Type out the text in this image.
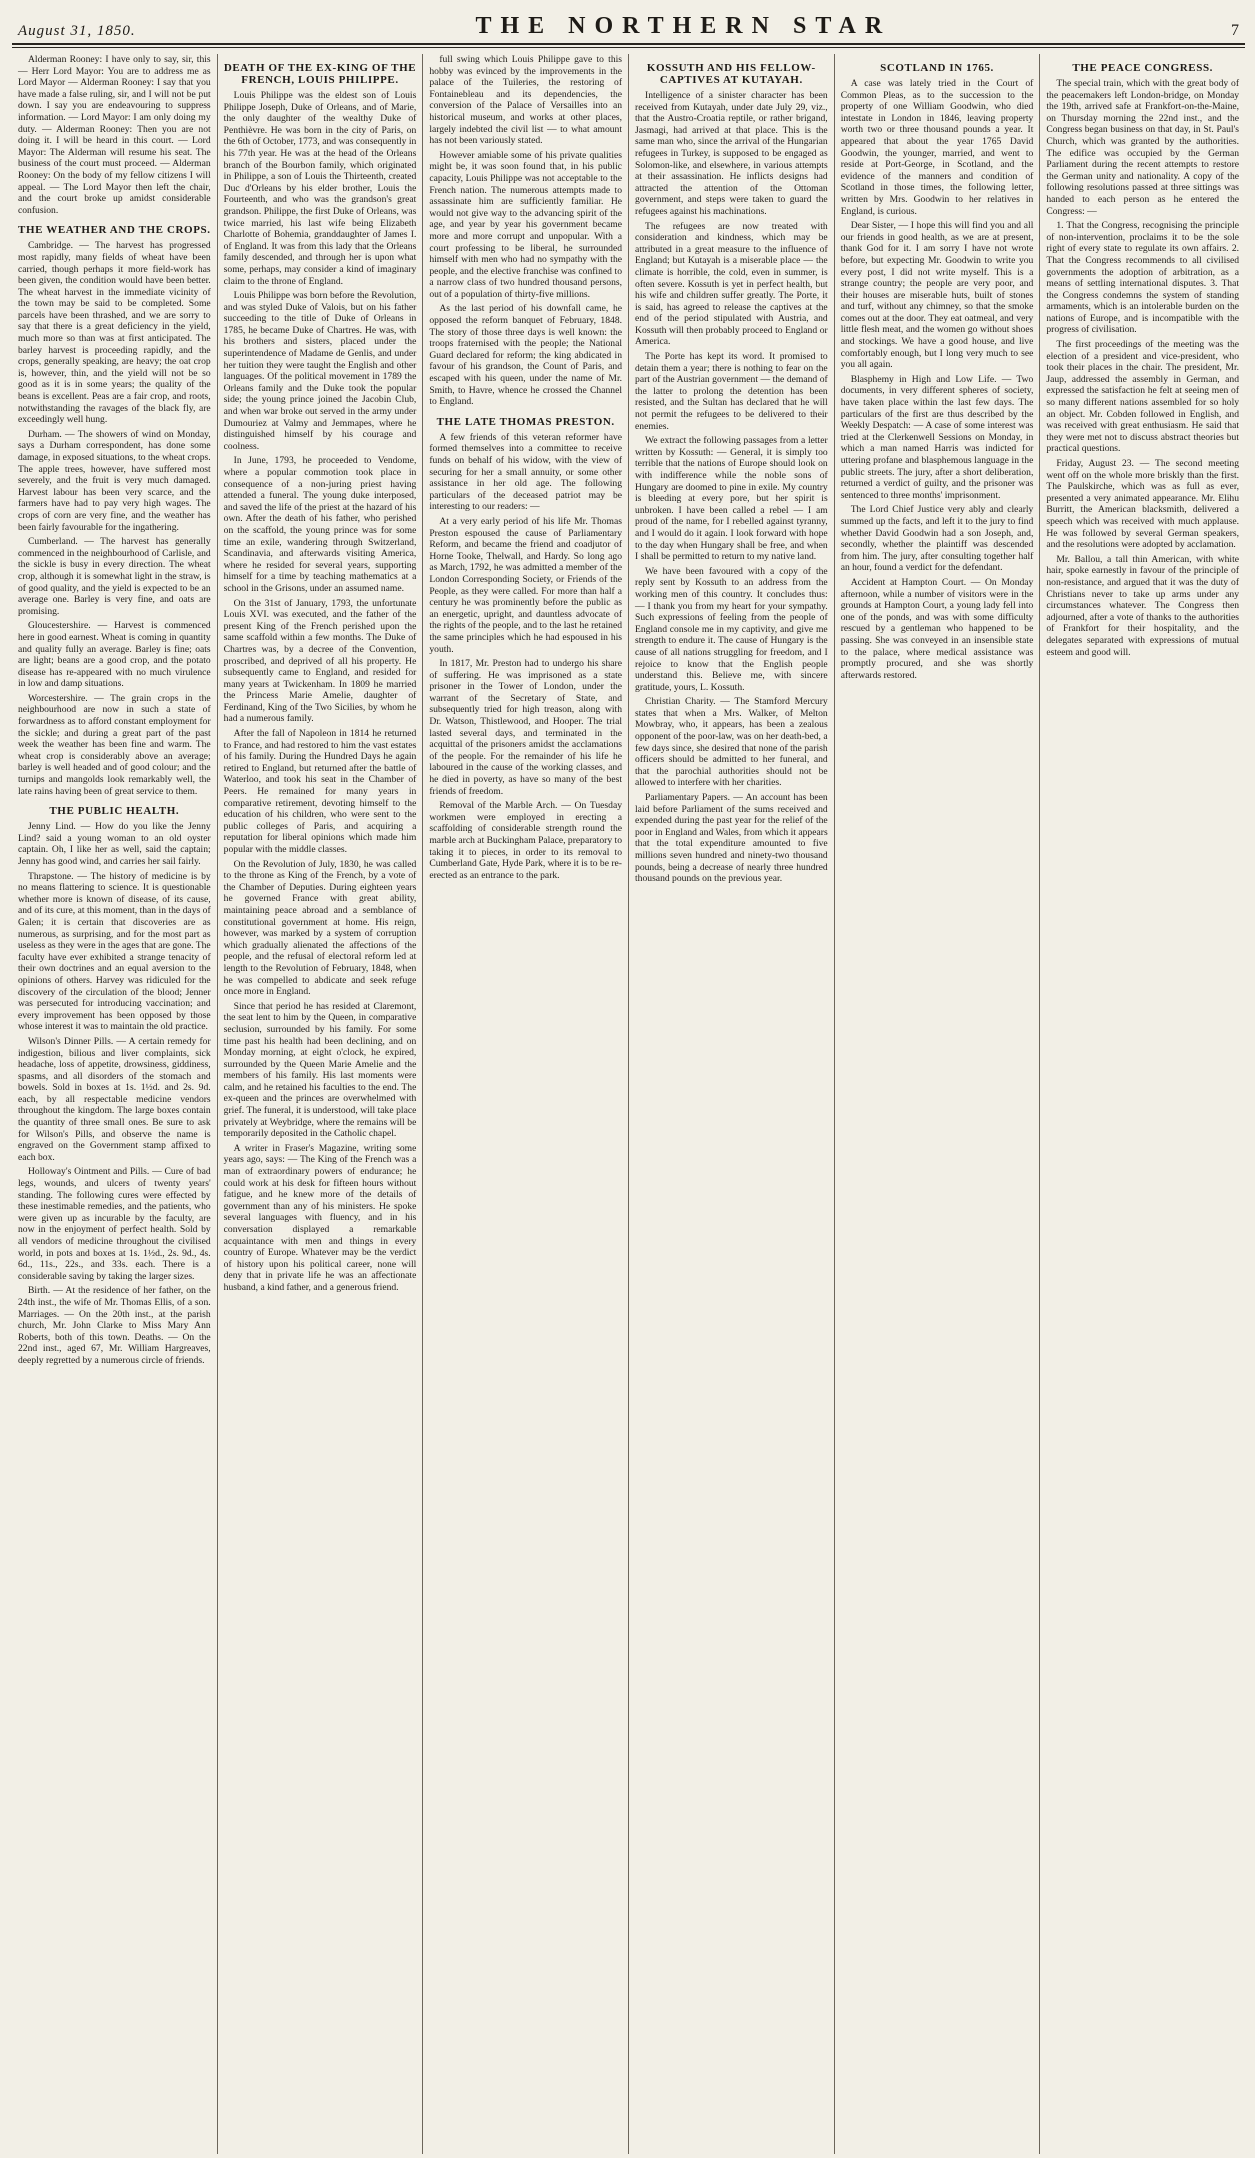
August 31, 1850.	THE NORTHERN STAR	7

Alderman Rooney: I have only to say, sir, this — Herr Lord Mayor: You are to address me as Lord Mayor — Alderman Rooney: I say that you have made a false ruling, sir, and I will not be put down. I say you are endeavouring to suppress information. — Lord Mayor: I am only doing my duty. — Alderman Rooney: Then you are not doing it. I will be heard in this court. — Lord Mayor: The Alderman will resume his seat. The business of the court must proceed. — Alderman Rooney: On the body of my fellow citizens I will appeal. — The Lord Mayor then left the chair, and the court broke up amidst considerable confusion.

THE WEATHER AND THE CROPS.

Cambridge. — The harvest has progressed most rapidly, many fields of wheat have been carried, though perhaps it more field-work has been given, the condition would have been better. The wheat harvest in the immediate vicinity of the town may be said to be completed. Some parcels have been thrashed, and we are sorry to say that there is a great deficiency in the yield, much more so than was at first anticipated. The barley harvest is proceeding rapidly, and the crops, generally speaking, are heavy; the oat crop is, however, thin, and the yield will not be so good as it is in some years; the quality of the beans is excellent. Peas are a fair crop, and roots, notwithstanding the ravages of the black fly, are exceedingly well hung.

Durham. — The showers of wind on Monday, says a Durham correspondent, has done some damage, in exposed situations, to the wheat crops. The apple trees, however, have suffered most severely, and the fruit is very much damaged. Harvest labour has been very scarce, and the farmers have had to pay very high wages. The crops of corn are very fine, and the weather has been fairly favourable for the ingathering.

Cumberland. — The harvest has generally commenced in the neighbourhood of Carlisle, and the sickle is busy in every direction. The wheat crop, although it is somewhat light in the straw, is of good quality, and the yield is expected to be an average one. Barley is very fine, and oats are promising.

Gloucestershire. — Harvest is commenced here in good earnest. Wheat is coming in quantity and quality fully an average. Barley is fine; oats are light; beans are a good crop, and the potato disease has re-appeared with no much virulence in low and damp situations.

Worcestershire. — The grain crops in the neighbourhood are now in such a state of forwardness as to afford constant employment for the sickle; and during a great part of the past week the weather has been fine and warm. The wheat crop is considerably above an average; barley is well headed and of good colour; and the turnips and mangolds look remarkably well, the late rains having been of great service to them.

THE PUBLIC HEALTH.

Jenny Lind. — How do you like the Jenny Lind? said a young woman to an old oyster captain. Oh, I like her as well, said the captain; Jenny has good wind, and carries her sail fairly.

Thrapstone. — The history of medicine is by no means flattering to science. It is questionable whether more is known of disease, of its cause, and of its cure, at this moment, than in the days of Galen; it is certain that discoveries are as numerous, as surprising, and for the most part as useless as they were in the ages that are gone. The faculty have ever exhibited a strange tenacity of their own doctrines and an equal aversion to the opinions of others. Harvey was ridiculed for the discovery of the circulation of the blood; Jenner was persecuted for introducing vaccination; and every improvement has been opposed by those whose interest it was to maintain the old practice.

Wilson's Dinner Pills. — A certain remedy for indigestion, bilious and liver complaints, sick headache, loss of appetite, drowsiness, giddiness, spasms, and all disorders of the stomach and bowels. Sold in boxes at 1s. 1½d. and 2s. 9d. each, by all respectable medicine vendors throughout the kingdom. The large boxes contain the quantity of three small ones. Be sure to ask for Wilson's Pills, and observe the name is engraved on the Government stamp affixed to each box.

Holloway's Ointment and Pills. — Cure of bad legs, wounds, and ulcers of twenty years' standing. The following cures were effected by these inestimable remedies, and the patients, who were given up as incurable by the faculty, are now in the enjoyment of perfect health. Sold by all vendors of medicine throughout the civilised world, in pots and boxes at 1s. 1½d., 2s. 9d., 4s. 6d., 11s., 22s., and 33s. each. There is a considerable saving by taking the larger sizes.

Birth. — At the residence of her father, on the 24th inst., the wife of Mr. Thomas Ellis, of a son. Marriages. — On the 20th inst., at the parish church, Mr. John Clarke to Miss Mary Ann Roberts, both of this town. Deaths. — On the 22nd inst., aged 67, Mr. William Hargreaves, deeply regretted by a numerous circle of friends.

DEATH OF THE EX-KING OF THE FRENCH, LOUIS PHILIPPE.

Louis Philippe was the eldest son of Louis Philippe Joseph, Duke of Orleans, and of Marie, the only daughter of the wealthy Duke of Penthièvre. He was born in the city of Paris, on the 6th of October, 1773, and was consequently in his 77th year. He was at the head of the Orleans branch of the Bourbon family, which originated in Philippe, a son of Louis the Thirteenth, created Duc d'Orleans by his elder brother, Louis the Fourteenth, and who was the grandson's great grandson. Philippe, the first Duke of Orleans, was twice married, his last wife being Elizabeth Charlotte of Bohemia, granddaughter of James I. of England. It was from this lady that the Orleans family descended, and through her is upon what some, perhaps, may consider a kind of imaginary claim to the throne of England.

Louis Philippe was born before the Revolution, and was styled Duke of Valois, but on his father succeeding to the title of Duke of Orleans in 1785, he became Duke of Chartres. He was, with his brothers and sisters, placed under the superintendence of Madame de Genlis, and under her tuition they were taught the English and other languages. Of the political movement in 1789 the Orleans family and the Duke took the popular side; the young prince joined the Jacobin Club, and when war broke out served in the army under Dumouriez at Valmy and Jemmapes, where he distinguished himself by his courage and coolness.

In June, 1793, he proceeded to Vendome, where a popular commotion took place in consequence of a non-juring priest having attended a funeral. The young duke interposed, and saved the life of the priest at the hazard of his own. After the death of his father, who perished on the scaffold, the young prince was for some time an exile, wandering through Switzerland, Scandinavia, and afterwards visiting America, where he resided for several years, supporting himself for a time by teaching mathematics at a school in the Grisons, under an assumed name.

On the 31st of January, 1793, the unfortunate Louis XVI. was executed, and the father of the present King of the French perished upon the same scaffold within a few months. The Duke of Chartres was, by a decree of the Convention, proscribed, and deprived of all his property. He subsequently came to England, and resided for many years at Twickenham. In 1809 he married the Princess Marie Amelie, daughter of Ferdinand, King of the Two Sicilies, by whom he had a numerous family.

After the fall of Napoleon in 1814 he returned to France, and had restored to him the vast estates of his family. During the Hundred Days he again retired to England, but returned after the battle of Waterloo, and took his seat in the Chamber of Peers. He remained for many years in comparative retirement, devoting himself to the education of his children, who were sent to the public colleges of Paris, and acquiring a reputation for liberal opinions which made him popular with the middle classes.

On the Revolution of July, 1830, he was called to the throne as King of the French, by a vote of the Chamber of Deputies. During eighteen years he governed France with great ability, maintaining peace abroad and a semblance of constitutional government at home. His reign, however, was marked by a system of corruption which gradually alienated the affections of the people, and the refusal of electoral reform led at length to the Revolution of February, 1848, when he was compelled to abdicate and seek refuge once more in England.

Since that period he has resided at Claremont, the seat lent to him by the Queen, in comparative seclusion, surrounded by his family. For some time past his health had been declining, and on Monday morning, at eight o'clock, he expired, surrounded by the Queen Marie Amelie and the members of his family. His last moments were calm, and he retained his faculties to the end. The ex-queen and the princes are overwhelmed with grief. The funeral, it is understood, will take place privately at Weybridge, where the remains will be temporarily deposited in the Catholic chapel.

A writer in Fraser's Magazine, writing some years ago, says: — The King of the French was a man of extraordinary powers of endurance; he could work at his desk for fifteen hours without fatigue, and he knew more of the details of government than any of his ministers. He spoke several languages with fluency, and in his conversation displayed a remarkable acquaintance with men and things in every country of Europe. Whatever may be the verdict of history upon his political career, none will deny that in private life he was an affectionate husband, a kind father, and a generous friend.

full swing which Louis Philippe gave to this hobby was evinced by the improvements in the palace of the Tuileries, the restoring of Fontainebleau and its dependencies, the conversion of the Palace of Versailles into an historical museum, and works at other places, largely indebted the civil list — to what amount has not been variously stated.

However amiable some of his private qualities might be, it was soon found that, in his public capacity, Louis Philippe was not acceptable to the French nation. The numerous attempts made to assassinate him are sufficiently familiar. He would not give way to the advancing spirit of the age, and year by year his government became more and more corrupt and unpopular. With a court professing to be liberal, he surrounded himself with men who had no sympathy with the people, and the elective franchise was confined to a narrow class of two hundred thousand persons, out of a population of thirty-five millions.

As the last period of his downfall came, he opposed the reform banquet of February, 1848. The story of those three days is well known: the troops fraternised with the people; the National Guard declared for reform; the king abdicated in favour of his grandson, the Count of Paris, and escaped with his queen, under the name of Mr. Smith, to Havre, whence he crossed the Channel to England.

THE LATE THOMAS PRESTON.

A few friends of this veteran reformer have formed themselves into a committee to receive funds on behalf of his widow, with the view of securing for her a small annuity, or some other assistance in her old age. The following particulars of the deceased patriot may be interesting to our readers: —

At a very early period of his life Mr. Thomas Preston espoused the cause of Parliamentary Reform, and became the friend and coadjutor of Horne Tooke, Thelwall, and Hardy. So long ago as March, 1792, he was admitted a member of the London Corresponding Society, or Friends of the People, as they were called. For more than half a century he was prominently before the public as an energetic, upright, and dauntless advocate of the rights of the people, and to the last he retained the same principles which he had espoused in his youth.

In 1817, Mr. Preston had to undergo his share of suffering. He was imprisoned as a state prisoner in the Tower of London, under the warrant of the Secretary of State, and subsequently tried for high treason, along with Dr. Watson, Thistlewood, and Hooper. The trial lasted several days, and terminated in the acquittal of the prisoners amidst the acclamations of the people. For the remainder of his life he laboured in the cause of the working classes, and he died in poverty, as have so many of the best friends of freedom.

Removal of the Marble Arch. — On Tuesday workmen were employed in erecting a scaffolding of considerable strength round the marble arch at Buckingham Palace, preparatory to taking it to pieces, in order to its removal to Cumberland Gate, Hyde Park, where it is to be re-erected as an entrance to the park.

KOSSUTH AND HIS FELLOW-CAPTIVES AT KUTAYAH.

Intelligence of a sinister character has been received from Kutayah, under date July 29, viz., that the Austro-Croatia reptile, or rather brigand, Jasmagi, had arrived at that place. This is the same man who, since the arrival of the Hungarian refugees in Turkey, is supposed to be engaged as Solomon-like, and elsewhere, in various attempts at their assassination. He inflicts designs had attracted the attention of the Ottoman government, and steps were taken to guard the refugees against his machinations.

The refugees are now treated with consideration and kindness, which may be attributed in a great measure to the influence of England; but Kutayah is a miserable place — the climate is horrible, the cold, even in summer, is often severe. Kossuth is yet in perfect health, but his wife and children suffer greatly. The Porte, it is said, has agreed to release the captives at the end of the period stipulated with Austria, and Kossuth will then probably proceed to England or America.

The Porte has kept its word. It promised to detain them a year; there is nothing to fear on the part of the Austrian government — the demand of the latter to prolong the detention has been resisted, and the Sultan has declared that he will not permit the refugees to be delivered to their enemies.

We extract the following passages from a letter written by Kossuth: — General, it is simply too terrible that the nations of Europe should look on with indifference while the noble sons of Hungary are doomed to pine in exile. My country is bleeding at every pore, but her spirit is unbroken. I have been called a rebel — I am proud of the name, for I rebelled against tyranny, and I would do it again. I look forward with hope to the day when Hungary shall be free, and when I shall be permitted to return to my native land.

We have been favoured with a copy of the reply sent by Kossuth to an address from the working men of this country. It concludes thus: — I thank you from my heart for your sympathy. Such expressions of feeling from the people of England console me in my captivity, and give me strength to endure it. The cause of Hungary is the cause of all nations struggling for freedom, and I rejoice to know that the English people understand this. Believe me, with sincere gratitude, yours, L. Kossuth.

Christian Charity. — The Stamford Mercury states that when a Mrs. Walker, of Melton Mowbray, who, it appears, has been a zealous opponent of the poor-law, was on her death-bed, a few days since, she desired that none of the parish officers should be admitted to her funeral, and that the parochial authorities should not be allowed to interfere with her charities.

Parliamentary Papers. — An account has been laid before Parliament of the sums received and expended during the past year for the relief of the poor in England and Wales, from which it appears that the total expenditure amounted to five millions seven hundred and ninety-two thousand pounds, being a decrease of nearly three hundred thousand pounds on the previous year.

SCOTLAND IN 1765.

A case was lately tried in the Court of Common Pleas, as to the succession to the property of one William Goodwin, who died intestate in London in 1846, leaving property worth two or three thousand pounds a year. It appeared that about the year 1765 David Goodwin, the younger, married, and went to reside at Port-George, in Scotland, and the evidence of the manners and condition of Scotland in those times, the following letter, written by Mrs. Goodwin to her relatives in England, is curious.

Dear Sister, — I hope this will find you and all our friends in good health, as we are at present, thank God for it. I am sorry I have not wrote before, but expecting Mr. Goodwin to write you every post, I did not write myself. This is a strange country; the people are very poor, and their houses are miserable huts, built of stones and turf, without any chimney, so that the smoke comes out at the door. They eat oatmeal, and very little flesh meat, and the women go without shoes and stockings. We have a good house, and live comfortably enough, but I long very much to see you all again.

Blasphemy in High and Low Life. — Two documents, in very different spheres of society, have taken place within the last few days. The particulars of the first are thus described by the Weekly Despatch: — A case of some interest was tried at the Clerkenwell Sessions on Monday, in which a man named Harris was indicted for uttering profane and blasphemous language in the public streets. The jury, after a short deliberation, returned a verdict of guilty, and the prisoner was sentenced to three months' imprisonment.

The Lord Chief Justice very ably and clearly summed up the facts, and left it to the jury to find whether David Goodwin had a son Joseph, and, secondly, whether the plaintiff was descended from him. The jury, after consulting together half an hour, found a verdict for the defendant.

Accident at Hampton Court. — On Monday afternoon, while a number of visitors were in the grounds at Hampton Court, a young lady fell into one of the ponds, and was with some difficulty rescued by a gentleman who happened to be passing. She was conveyed in an insensible state to the palace, where medical assistance was promptly procured, and she was shortly afterwards restored.

THE PEACE CONGRESS.

The special train, which with the great body of the peacemakers left London-bridge, on Monday the 19th, arrived safe at Frankfort-on-the-Maine, on Thursday morning the 22nd inst., and the Congress began business on that day, in St. Paul's Church, which was granted by the authorities. The edifice was occupied by the German Parliament during the recent attempts to restore the German unity and nationality. A copy of the following resolutions passed at three sittings was handed to each person as he entered the Congress: —

1. That the Congress, recognising the principle of non-intervention, proclaims it to be the sole right of every state to regulate its own affairs. 2. That the Congress recommends to all civilised governments the adoption of arbitration, as a means of settling international disputes. 3. That the Congress condemns the system of standing armaments, which is an intolerable burden on the nations of Europe, and is incompatible with the progress of civilisation.

The first proceedings of the meeting was the election of a president and vice-president, who took their places in the chair. The president, Mr. Jaup, addressed the assembly in German, and expressed the satisfaction he felt at seeing men of so many different nations assembled for so holy an object. Mr. Cobden followed in English, and was received with great enthusiasm. He said that they were met not to discuss abstract theories but practical questions.

Friday, August 23. — The second meeting went off on the whole more briskly than the first. The Paulskirche, which was as full as ever, presented a very animated appearance. Mr. Elihu Burritt, the American blacksmith, delivered a speech which was received with much applause. He was followed by several German speakers, and the resolutions were adopted by acclamation.

Mr. Ballou, a tall thin American, with white hair, spoke earnestly in favour of the principle of non-resistance, and argued that it was the duty of Christians never to take up arms under any circumstances whatever. The Congress then adjourned, after a vote of thanks to the authorities of Frankfort for their hospitality, and the delegates separated with expressions of mutual esteem and good will.
